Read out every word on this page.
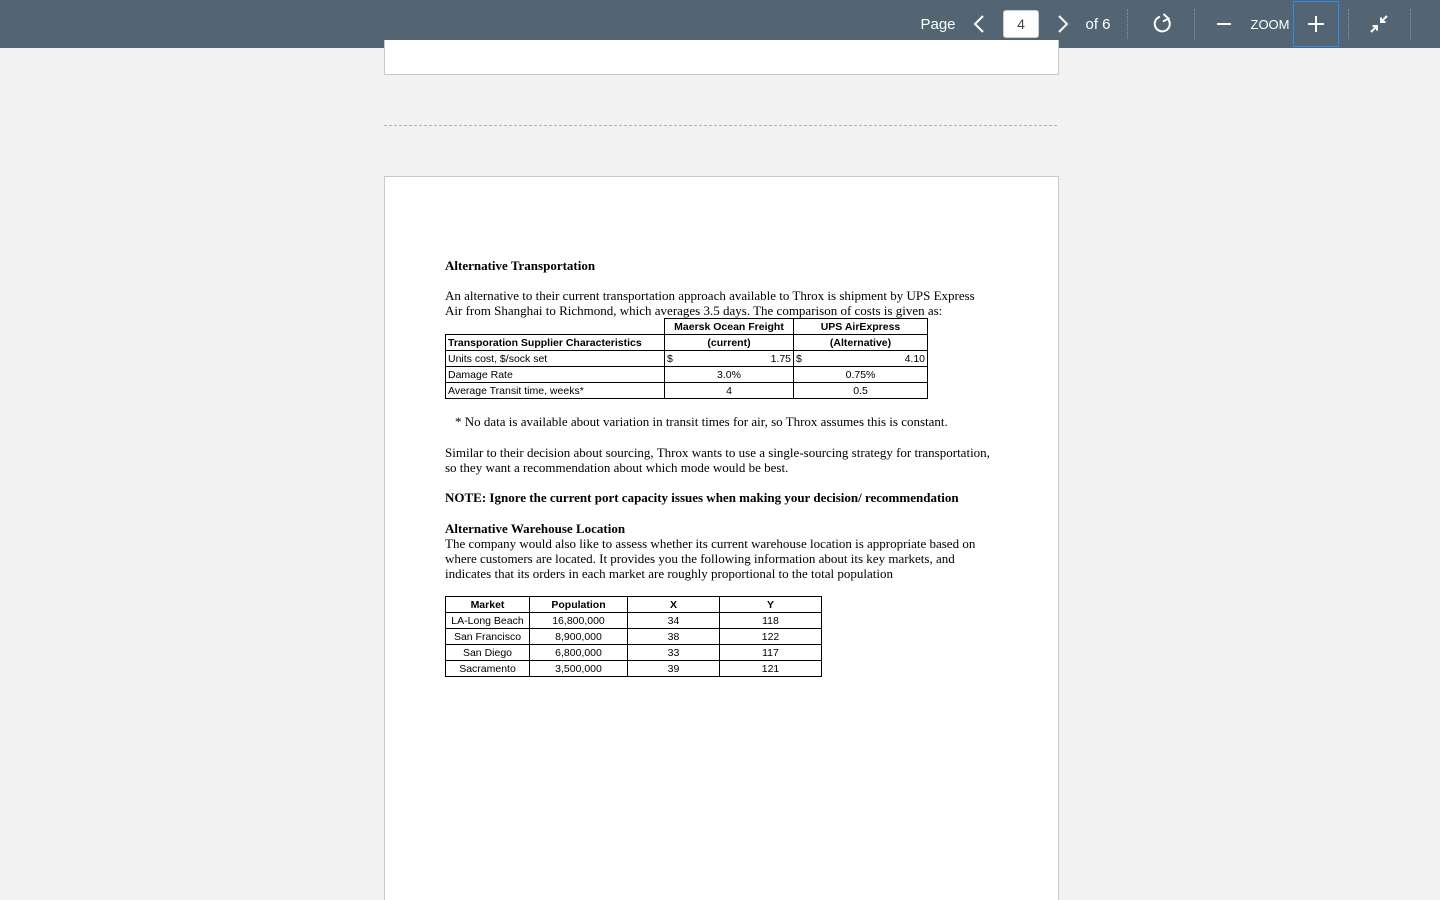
Page
4	of 6	ZOOM
Alternative Transportation
An alternative to their current transportation approach available to Throx is shipment by UPS Express
Air from Shanghai to Richmond, which averages 3.5 days. The comparison of costs is given as:
	Maersk Ocean Freight	UPS AirExpress
Transporation Supplier Characteristics	(current)	(Alternative)
Units cost, $/sock set	$ 1.75	$ 4.10

Damage Rate	3.0%	0.75%
Average Transit time, weeks*	4	0.5
* No data is available about variation in transit times for air, so Throx assumes this is constant.
Similar to their decision about sourcing, Throx wants to use a single-sourcing strategy for transportation,
so they want a recommendation about which mode would be best.
NOTE: Ignore the current port capacity issues when making your decision/ recommendation
Alternative Warehouse Location
The company would also like to assess whether its current warehouse location is appropriate based on
where customers are located. It provides you the following information about its key markets, and
indicates that its orders in each market are roughly proportional to the total population
Market	Population	X	Y
LA-Long Beach	16,800,000	34	118
San Francisco	8,900,000	38	122
San Diego	6,800,000	33	117
Sacramento	3,500,000	39	121
